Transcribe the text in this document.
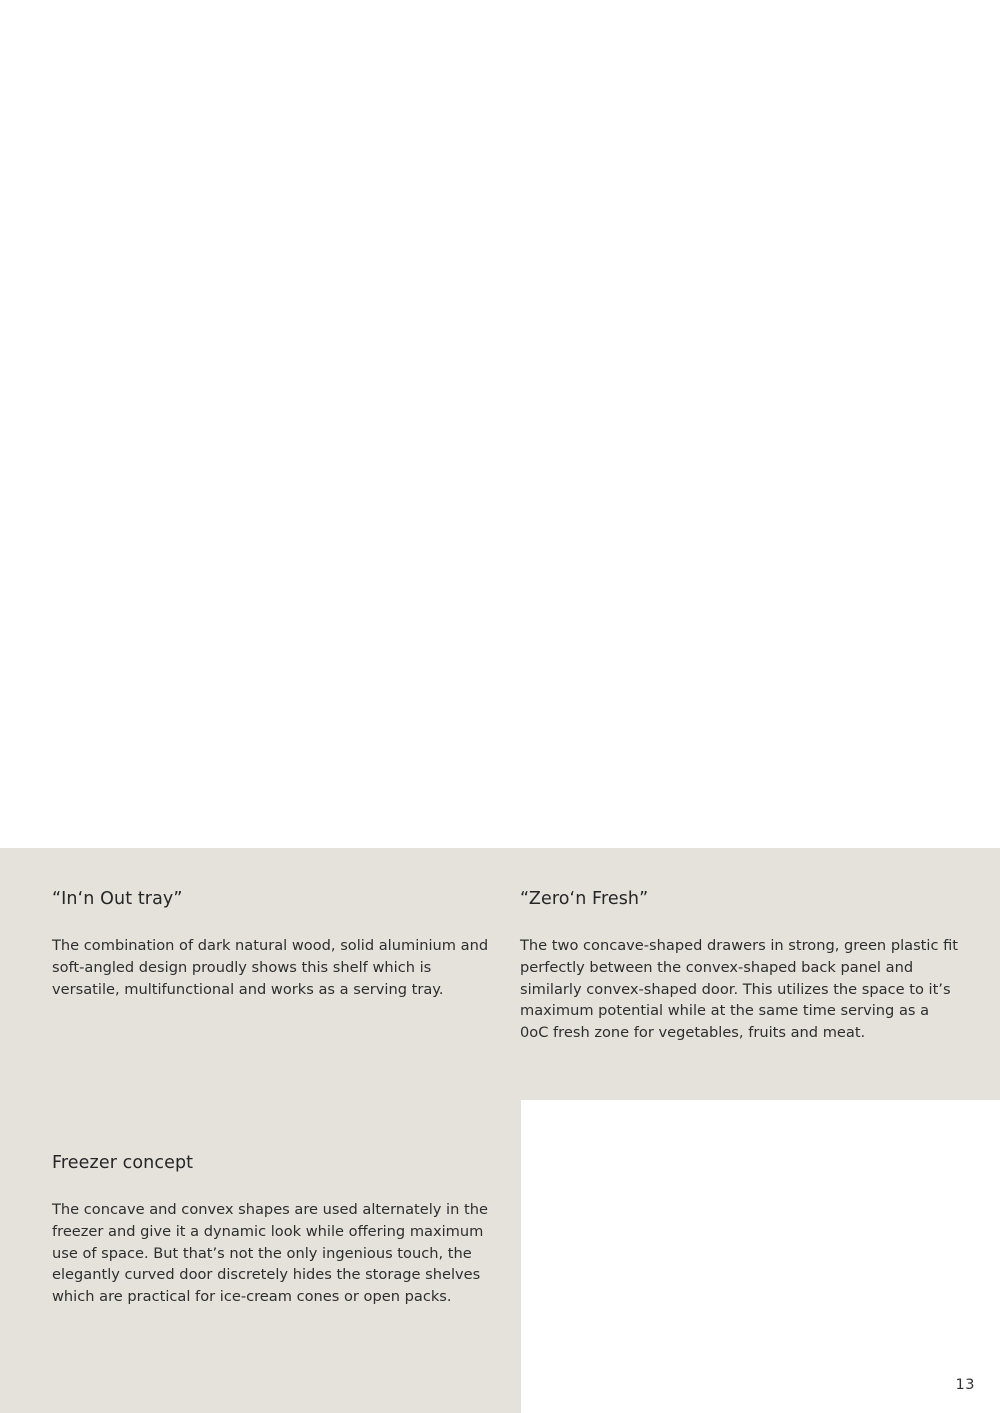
“In‘n Out tray”

The combination of dark natural wood, solid aluminium and soft-angled design proudly shows this shelf which is versatile, multifunctional and works as a serving tray.

“Zero‘n Fresh”

The two concave-shaped drawers in strong, green plastic fit perfectly between the convex-shaped back panel and similarly convex-shaped door. This utilizes the space to it’s maximum potential while at the same time serving as a 0oC fresh zone for vegetables, fruits and meat.

Freezer concept

The concave and convex shapes are used alternately in the freezer and give it a dynamic look while offering maximum use of space. But that’s not the only ingenious touch, the elegantly curved door discretely hides the storage shelves which are practical for ice-cream cones or open packs.

13
